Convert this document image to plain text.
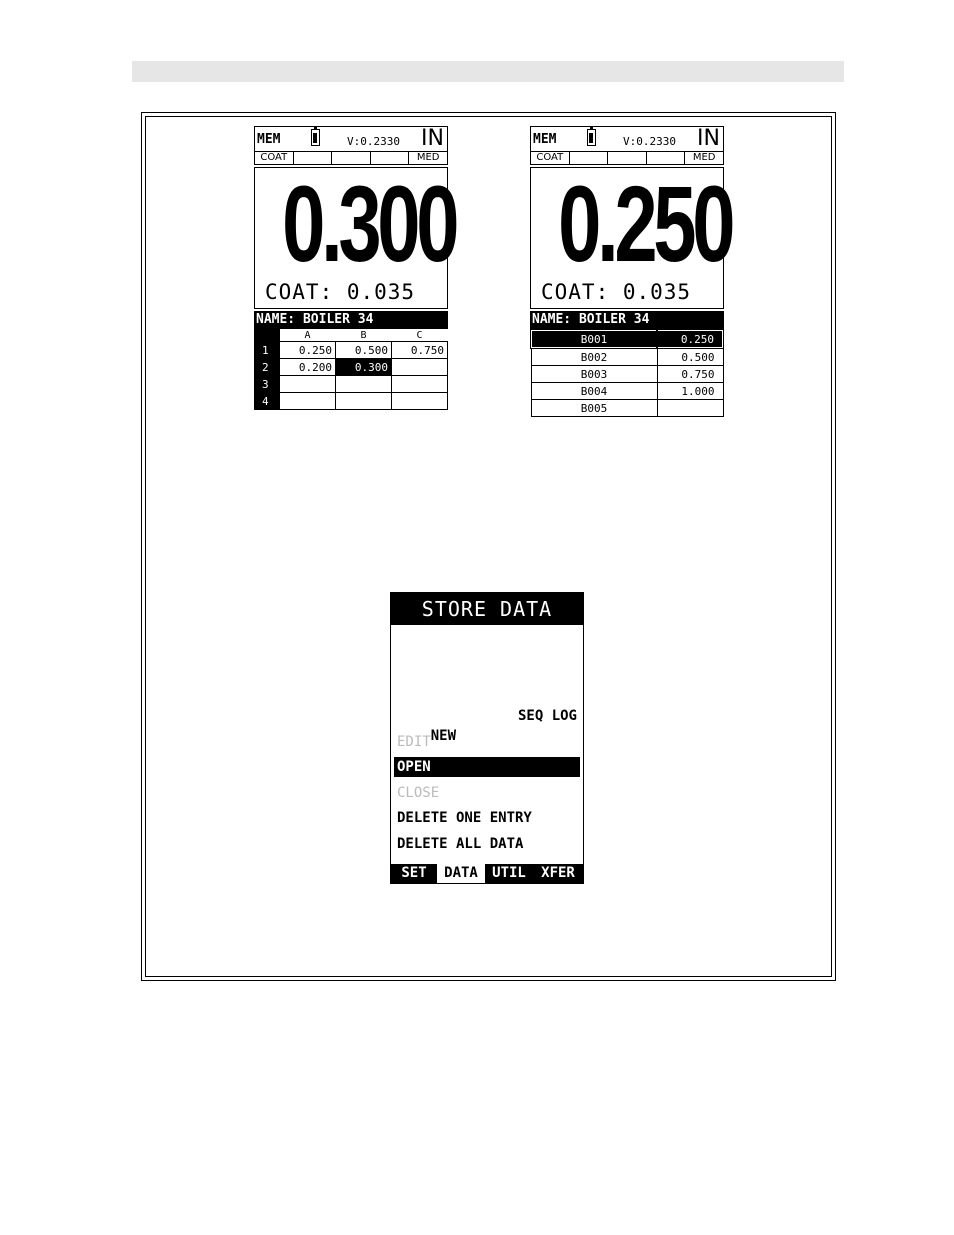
MEM	V:0.2330 IN
COAT	MED
0.300
COAT: 0.035
NAME: BOILER 34
	A	B	C
1	0.250	0.500	0.750
2	0.200	0.300	
3			
4			
MEM	V:0.2330 IN
COAT	MED
0.250
COAT: 0.035
NAME: BOILER 34
B001	0.250
B002	0.500
B003	0.750
B004	1.000
B005	
STORE DATA

NEW

SEQ LOG

EDIT
OPEN
CLOSE
DELETE ONE ENTRY
DELETE ALL DATA
SET	DATA	UTIL	XFER
